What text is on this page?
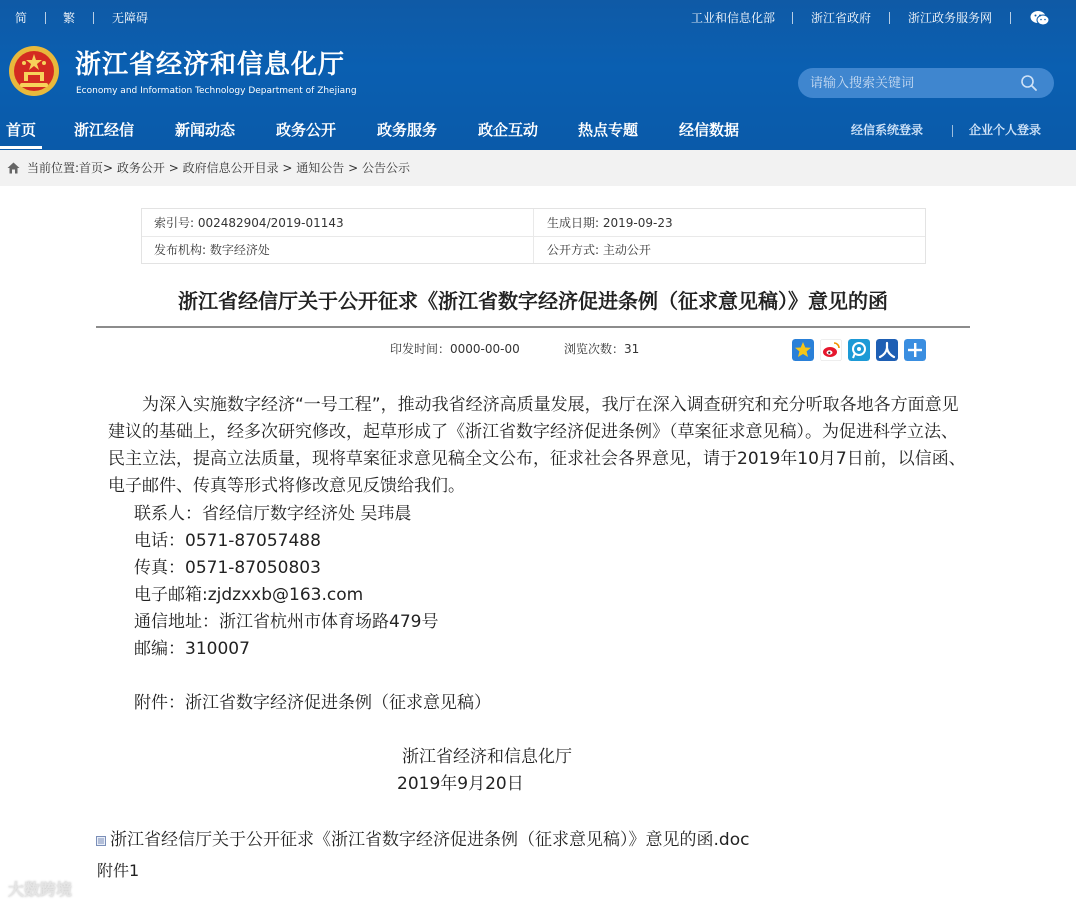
简	繁	无障碍	工业和信息化部	浙江省政府	浙江政务服务网
浙江省经济和信息化厅
Economy and Information Technology Department of Zhejiang
请输入搜索关键词
首页	浙江经信	新闻动态	政务公开	政务服务	政企互动	热点专题	经信数据	经信系统登录	企业个人登录
当前位置:首页> 政务公开 > 政府信息公开目录 > 通知公告 > 公告公示
索引号: 002482904/2019-01143	生成日期: 2019-09-23
发布机构: 数字经济处	公开方式: 主动公开
浙江省经信厅关于公开征求《浙江省数字经济促进条例（征求意见稿）》意见的函
印发时间：0000-00-00	浏览次数：31

为深入实施数字经济“一号工程”，推动我省经济高质量发展，我厅在深入调查研究和充分听取各地各方面意见建议的基础上，经多次研究修改，起草形成了《浙江省数字经济促进条例》（草案征求意见稿）。为促进科学立法、民主立法，提高立法质量，现将草案征求意见稿全文公布，征求社会各界意见，请于2019年10月7日前，以信函、电子邮件、传真等形式将修改意见反馈给我们。

联系人：省经信厅数字经济处 吴玮晨
电话：0571-87057488
传真：0571-87050803
电子邮箱:zjdzxxb@163.com
通信地址：浙江省杭州市体育场路479号
邮编：310007
附件：浙江省数字经济促进条例（征求意见稿）
浙江省经济和信息化厅
2019年9月20日
浙江省经信厅关于公开征求《浙江省数字经济促进条例（征求意见稿）》意见的函.doc
附件1
大数跨境
